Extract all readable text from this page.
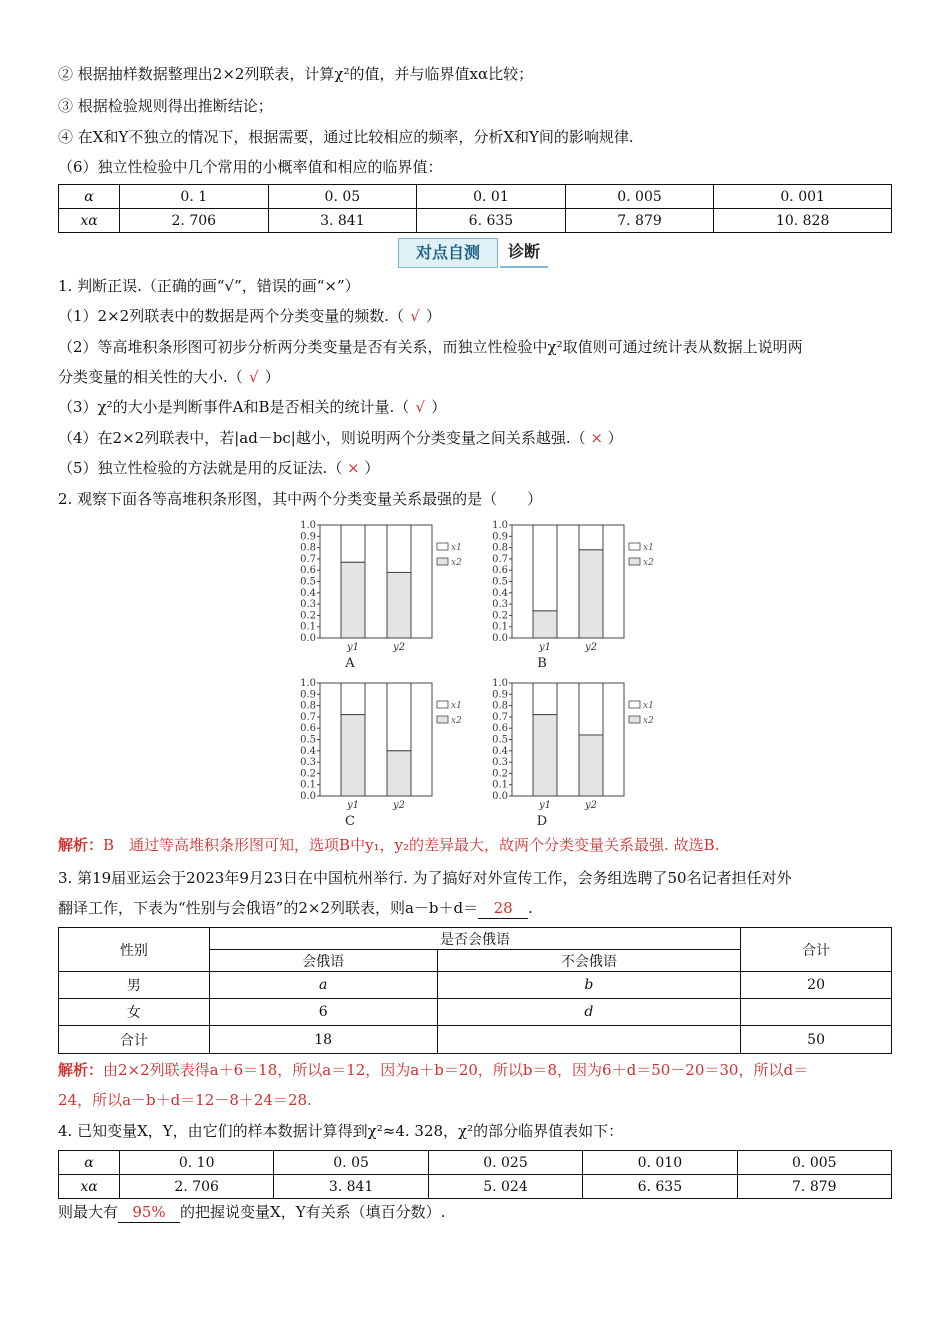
② 根据抽样数据整理出2×2列联表，计算χ²的值，并与临界值xα比较；
③ 根据检验规则得出推断结论；
④ 在X和Y不独立的情况下，根据需要，通过比较相应的频率，分析X和Y间的影响规律.
（6）独立性检验中几个常用的小概率值和相应的临界值：
α	0. 1	0. 05	0. 01	0. 005	0. 001
xα	2. 706	3. 841	6. 635	7. 879	10. 828
对点自测	诊断
1. 判断正误.（正确的画“√”，错误的画“×”）
（1）2×2列联表中的数据是两个分类变量的频数.（ √ ）
（2）等高堆积条形图可初步分析两分类变量是否有关系，而独立性检验中χ²取值则可通过统计表从数据上说明两
分类变量的相关性的大小.（ √ ）
（3）χ²的大小是判断事件A和B是否相关的统计量.（ √ ）
（4）在2×2列联表中，若|ad－bc|越小，则说明两个分类变量之间关系越强.（ × ）
（5）独立性检验的方法就是用的反证法.（ × ）
2. 观察下面各等高堆积条形图，其中两个分类变量关系最强的是（　　）
0.0
0.1
0.2
0.3
0.4
0.5
0.6
0.7
0.8
0.9
1.0
y1	y2
x1
x2
A
0.0
0.1
0.2
0.3
0.4
0.5
0.6
0.7
0.8
0.9
1.0
y1	y2
x1
x2
B
0.0
0.1
0.2
0.3
0.4
0.5
0.6
0.7
0.8
0.9
1.0
y1	y2
x1
x2
C
0.0
0.1
0.2
0.3
0.4
0.5
0.6
0.7
0.8
0.9
1.0
y1	y2
x1
x2
D
解析：B　通过等高堆积条形图可知，选项B中y₁，y₂的差异最大，故两个分类变量关系最强. 故选B.
3. 第19届亚运会于2023年9月23日在中国杭州举行. 为了搞好对外宣传工作，会务组选聘了50名记者担任对外
翻译工作，下表为“性别与会俄语”的2×2列联表，则a－b＋d＝ 28 .
性别	是否会俄语		合计
	会俄语	不会俄语	
男	a	b	20
女	6	d	
合计	18		50
解析：由2×2列联表得a＋6＝18，所以a＝12，因为a＋b＝20，所以b＝8，因为6＋d＝50－20＝30，所以d＝
24，所以a－b＋d＝12－8＋24＝28.
4. 已知变量X，Y，由它们的样本数据计算得到χ²≈4. 328，χ²的部分临界值表如下：
α	0. 10	0. 05	0. 025	0. 010	0. 005
xα	2. 706	3. 841	5. 024	6. 635	7. 879
则最大有 95% 的把握说变量X，Y有关系（填百分数）.
